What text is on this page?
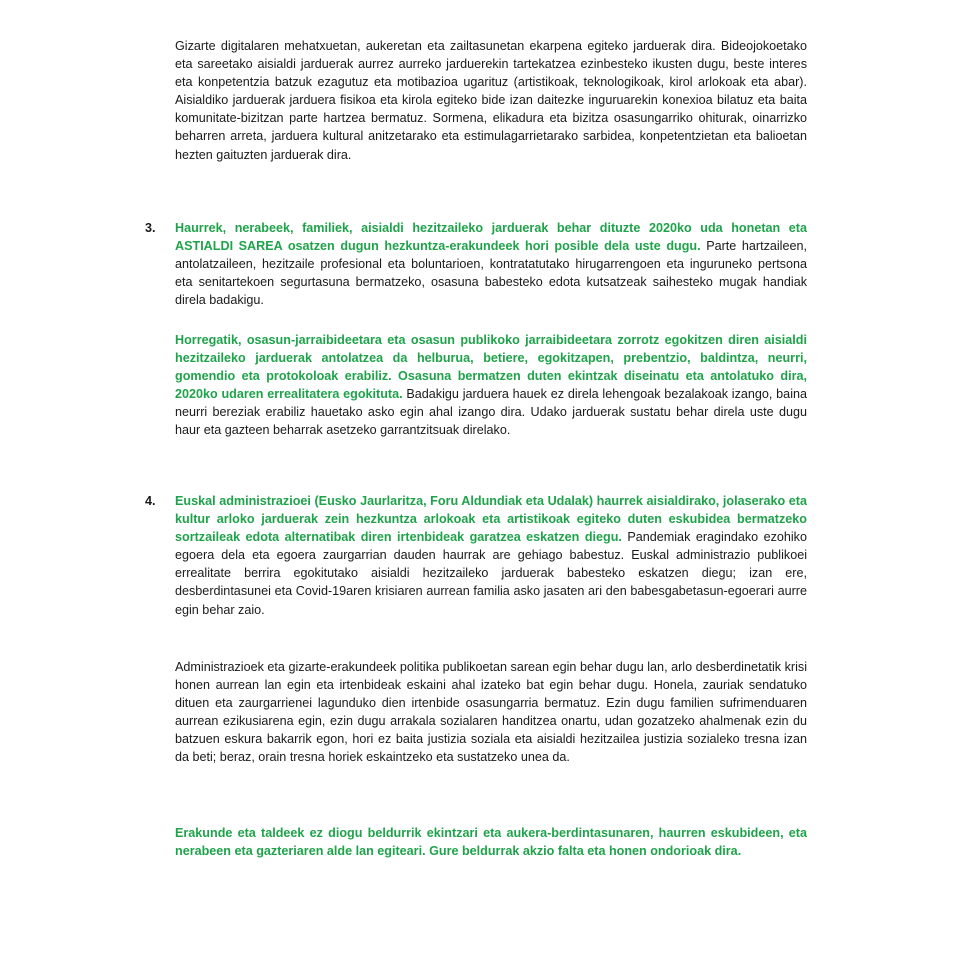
Gizarte digitalaren mehatxuetan, aukeretan eta zailtasunetan ekarpena egiteko jarduerak dira. Bideojokoetako eta sareetako aisialdi jarduerak aurrez aurreko jarduerekin tartekatzea ezinbesteko ikusten dugu, beste interes eta konpetentzia batzuk ezagutuz eta motibazioa ugarituz (artistikoak, teknologikoak, kirol arlokoak eta abar). Aisialdiko jarduerak jarduera fisikoa eta kirola egiteko bide izan daitezke inguruarekin konexioa bilatuz eta baita komunitate-bizitzan parte hartzea bermatuz. Sormena, elikadura eta bizitza osasungarriko ohiturak, oinarrizko beharren arreta, jarduera kultural anitzetarako eta estimulagarrietarako sarbidea, konpetentzietan eta balioetan hezten gaituzten jarduerak dira.

3. Haurrek, nerabeek, familiek, aisialdi hezitzaileko jarduerak behar dituzte 2020ko uda honetan eta ASTIALDI SAREA osatzen dugun hezkuntza-erakundeek hori posible dela uste dugu. Parte hartzaileen, antolatzaileen, hezitzaile profesional eta boluntarioen, kontratatutako hirugarrengoen eta inguruneko pertsona eta senitartekoen segurtasuna bermatzeko, osasuna babesteko edota kutsatzeak saihesteko mugak handiak direla badakigu.

Horregatik, osasun-jarraibideetara eta osasun publikoko jarraibideetara zorrotz egokitzen diren aisialdi hezitzaileko jarduerak antolatzea da helburua, betiere, egokitzapen, prebentzio, baldintza, neurri, gomendio eta protokoloak erabiliz. Osasuna bermatzen duten ekintzak diseinatu eta antolatuko dira, 2020ko udaren errealitatera egokituta. Badakigu jarduera hauek ez direla lehengoak bezalakoak izango, baina neurri bereziak erabiliz hauetako asko egin ahal izango dira. Udako jarduerak sustatu behar direla uste dugu haur eta gazteen beharrak asetzeko garrantzitsuak direlako.

4. Euskal administrazioei (Eusko Jaurlaritza, Foru Aldundiak eta Udalak) haurrek aisialdirako, jolaserako eta kultur arloko jarduerak zein hezkuntza arlokoak eta artistikoak egiteko duten eskubidea bermatzeko sortzaileak edota alternatibak diren irtenbideak garatzea eskatzen diegu. Pandemiak eragindako ezohiko egoera dela eta egoera zaurgarrian dauden haurrak are gehiago babestuz. Euskal administrazio publikoei errealitate berrira egokitutako aisialdi hezitzaileko jarduerak babesteko eskatzen diegu; izan ere, desberdintasunei eta Covid-19aren krisiaren aurrean familia asko jasaten ari den babesgabetasun-egoerari aurre egin behar zaio.

Administrazioek eta gizarte-erakundeek politika publikoetan sarean egin behar dugu lan, arlo desberdinetatik krisi honen aurrean lan egin eta irtenbideak eskaini ahal izateko bat egin behar dugu. Honela, zauriak sendatuko dituen eta zaurgarrienei lagunduko dien irtenbide osasungarria bermatuz. Ezin dugu familien sufrimenduaren aurrean ezikusiarena egin, ezin dugu arrakala sozialaren handitzea onartu, udan gozatzeko ahalmenak ezin du batzuen eskura bakarrik egon, hori ez baita justizia soziala eta aisialdi hezitzailea justizia sozialeko tresna izan da beti; beraz, orain tresna horiek eskaintzeko eta sustatzeko unea da.

Erakunde eta taldeek ez diogu beldurrik ekintzari eta aukera-berdintasunaren, haurren eskubideen, eta nerabeen eta gazteriaren alde lan egiteari. Gure beldurrak akzio falta eta honen ondorioak dira.
